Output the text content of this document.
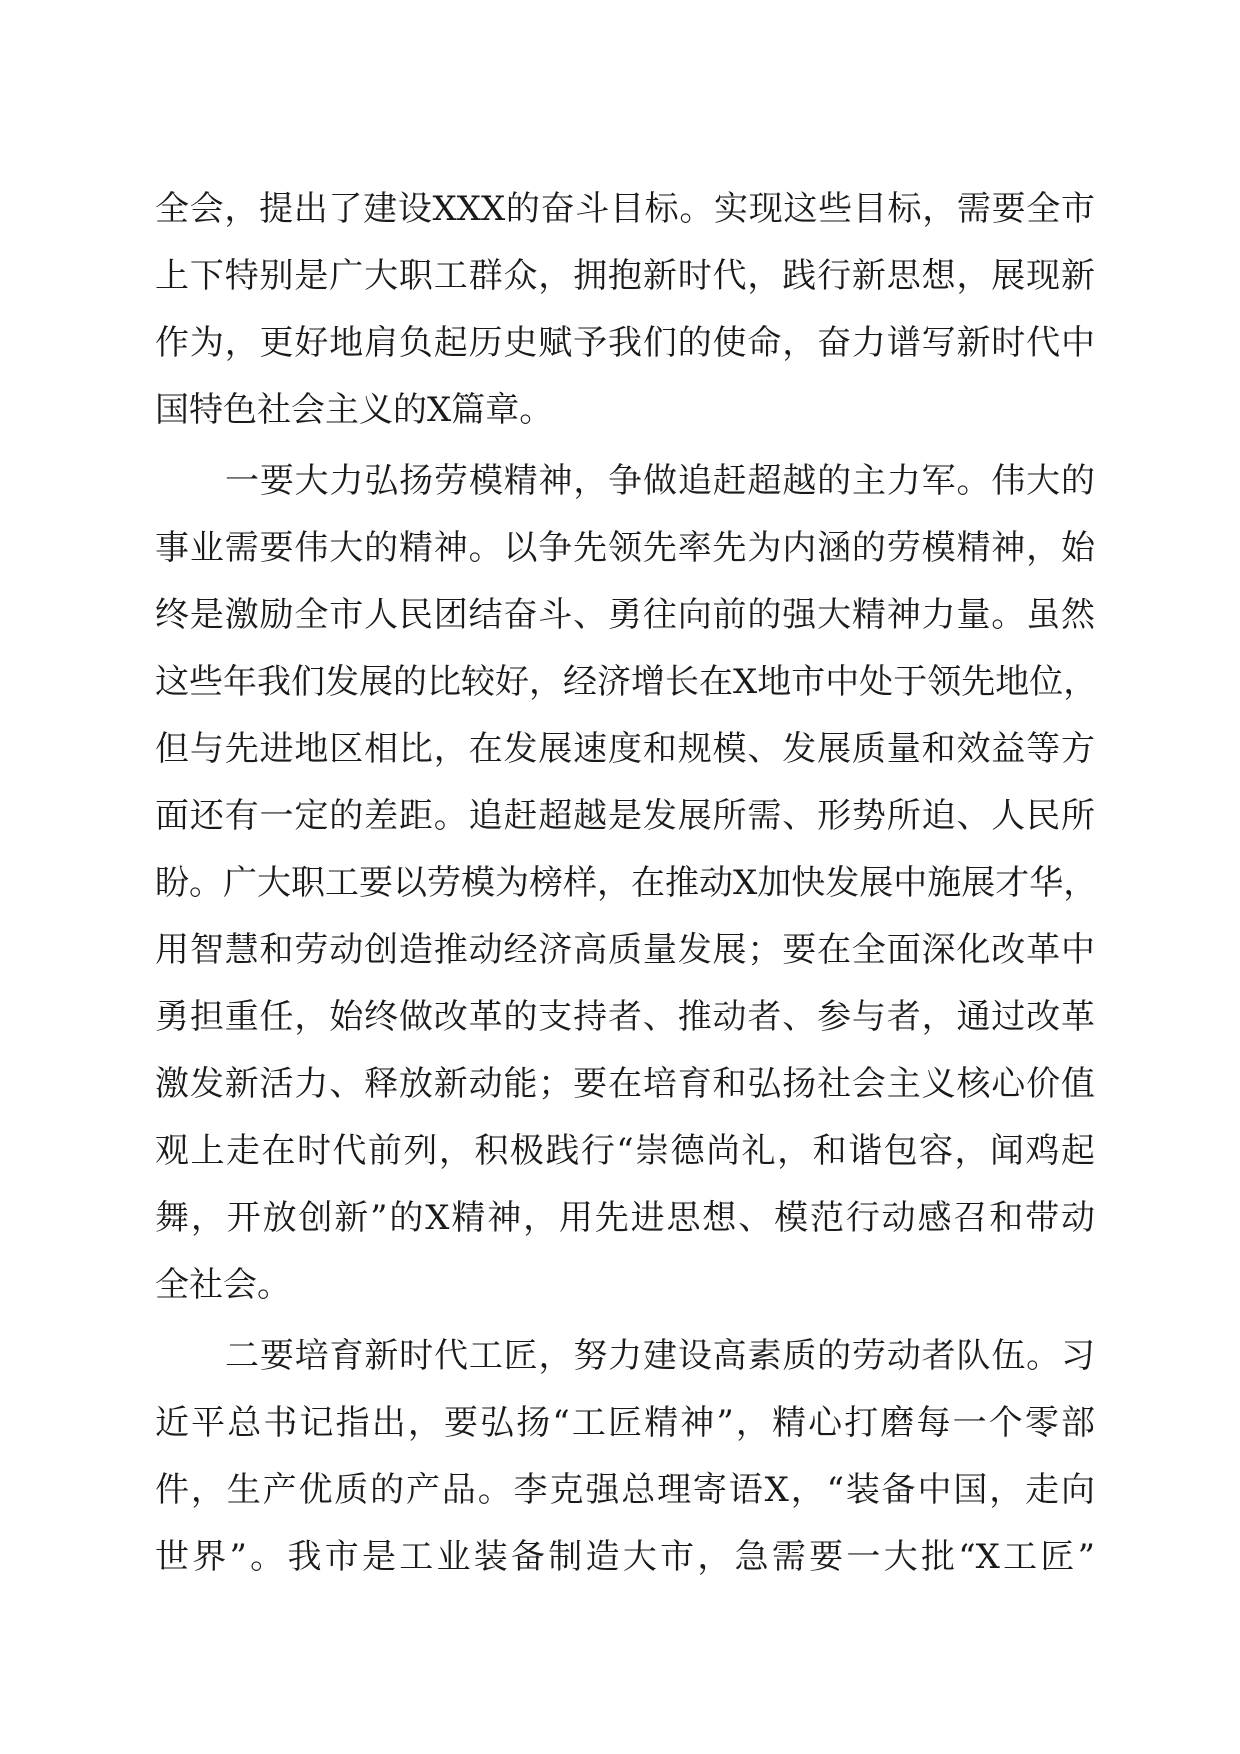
全会，提出了建设XXX的奋斗目标。实现这些目标，需要全市
上下特别是广大职工群众，拥抱新时代，践行新思想，展现新
作为，更好地肩负起历史赋予我们的使命，奋力谱写新时代中
国特色社会主义的X篇章。
一要大力弘扬劳模精神，争做追赶超越的主力军。伟大的
事业需要伟大的精神。以争先领先率先为内涵的劳模精神，始
终是激励全市人民团结奋斗、勇往向前的强大精神力量。虽然
这些年我们发展的比较好，经济增长在X地市中处于领先地位，
但与先进地区相比，在发展速度和规模、发展质量和效益等方
面还有一定的差距。追赶超越是发展所需、形势所迫、人民所
盼。广大职工要以劳模为榜样，在推动X加快发展中施展才华，
用智慧和劳动创造推动经济高质量发展；要在全面深化改革中
勇担重任，始终做改革的支持者、推动者、参与者，通过改革
激发新活力、释放新动能；要在培育和弘扬社会主义核心价值
观上走在时代前列，积极践行“崇德尚礼，和谐包容，闻鸡起
舞，开放创新”的X精神，用先进思想、模范行动感召和带动
全社会。
二要培育新时代工匠，努力建设高素质的劳动者队伍。习
近平总书记指出，要弘扬“工匠精神”，精心打磨每一个零部
件，生产优质的产品。李克强总理寄语X，“装备中国，走向
世界”。我市是工业装备制造大市，急需要一大批“X工匠”
